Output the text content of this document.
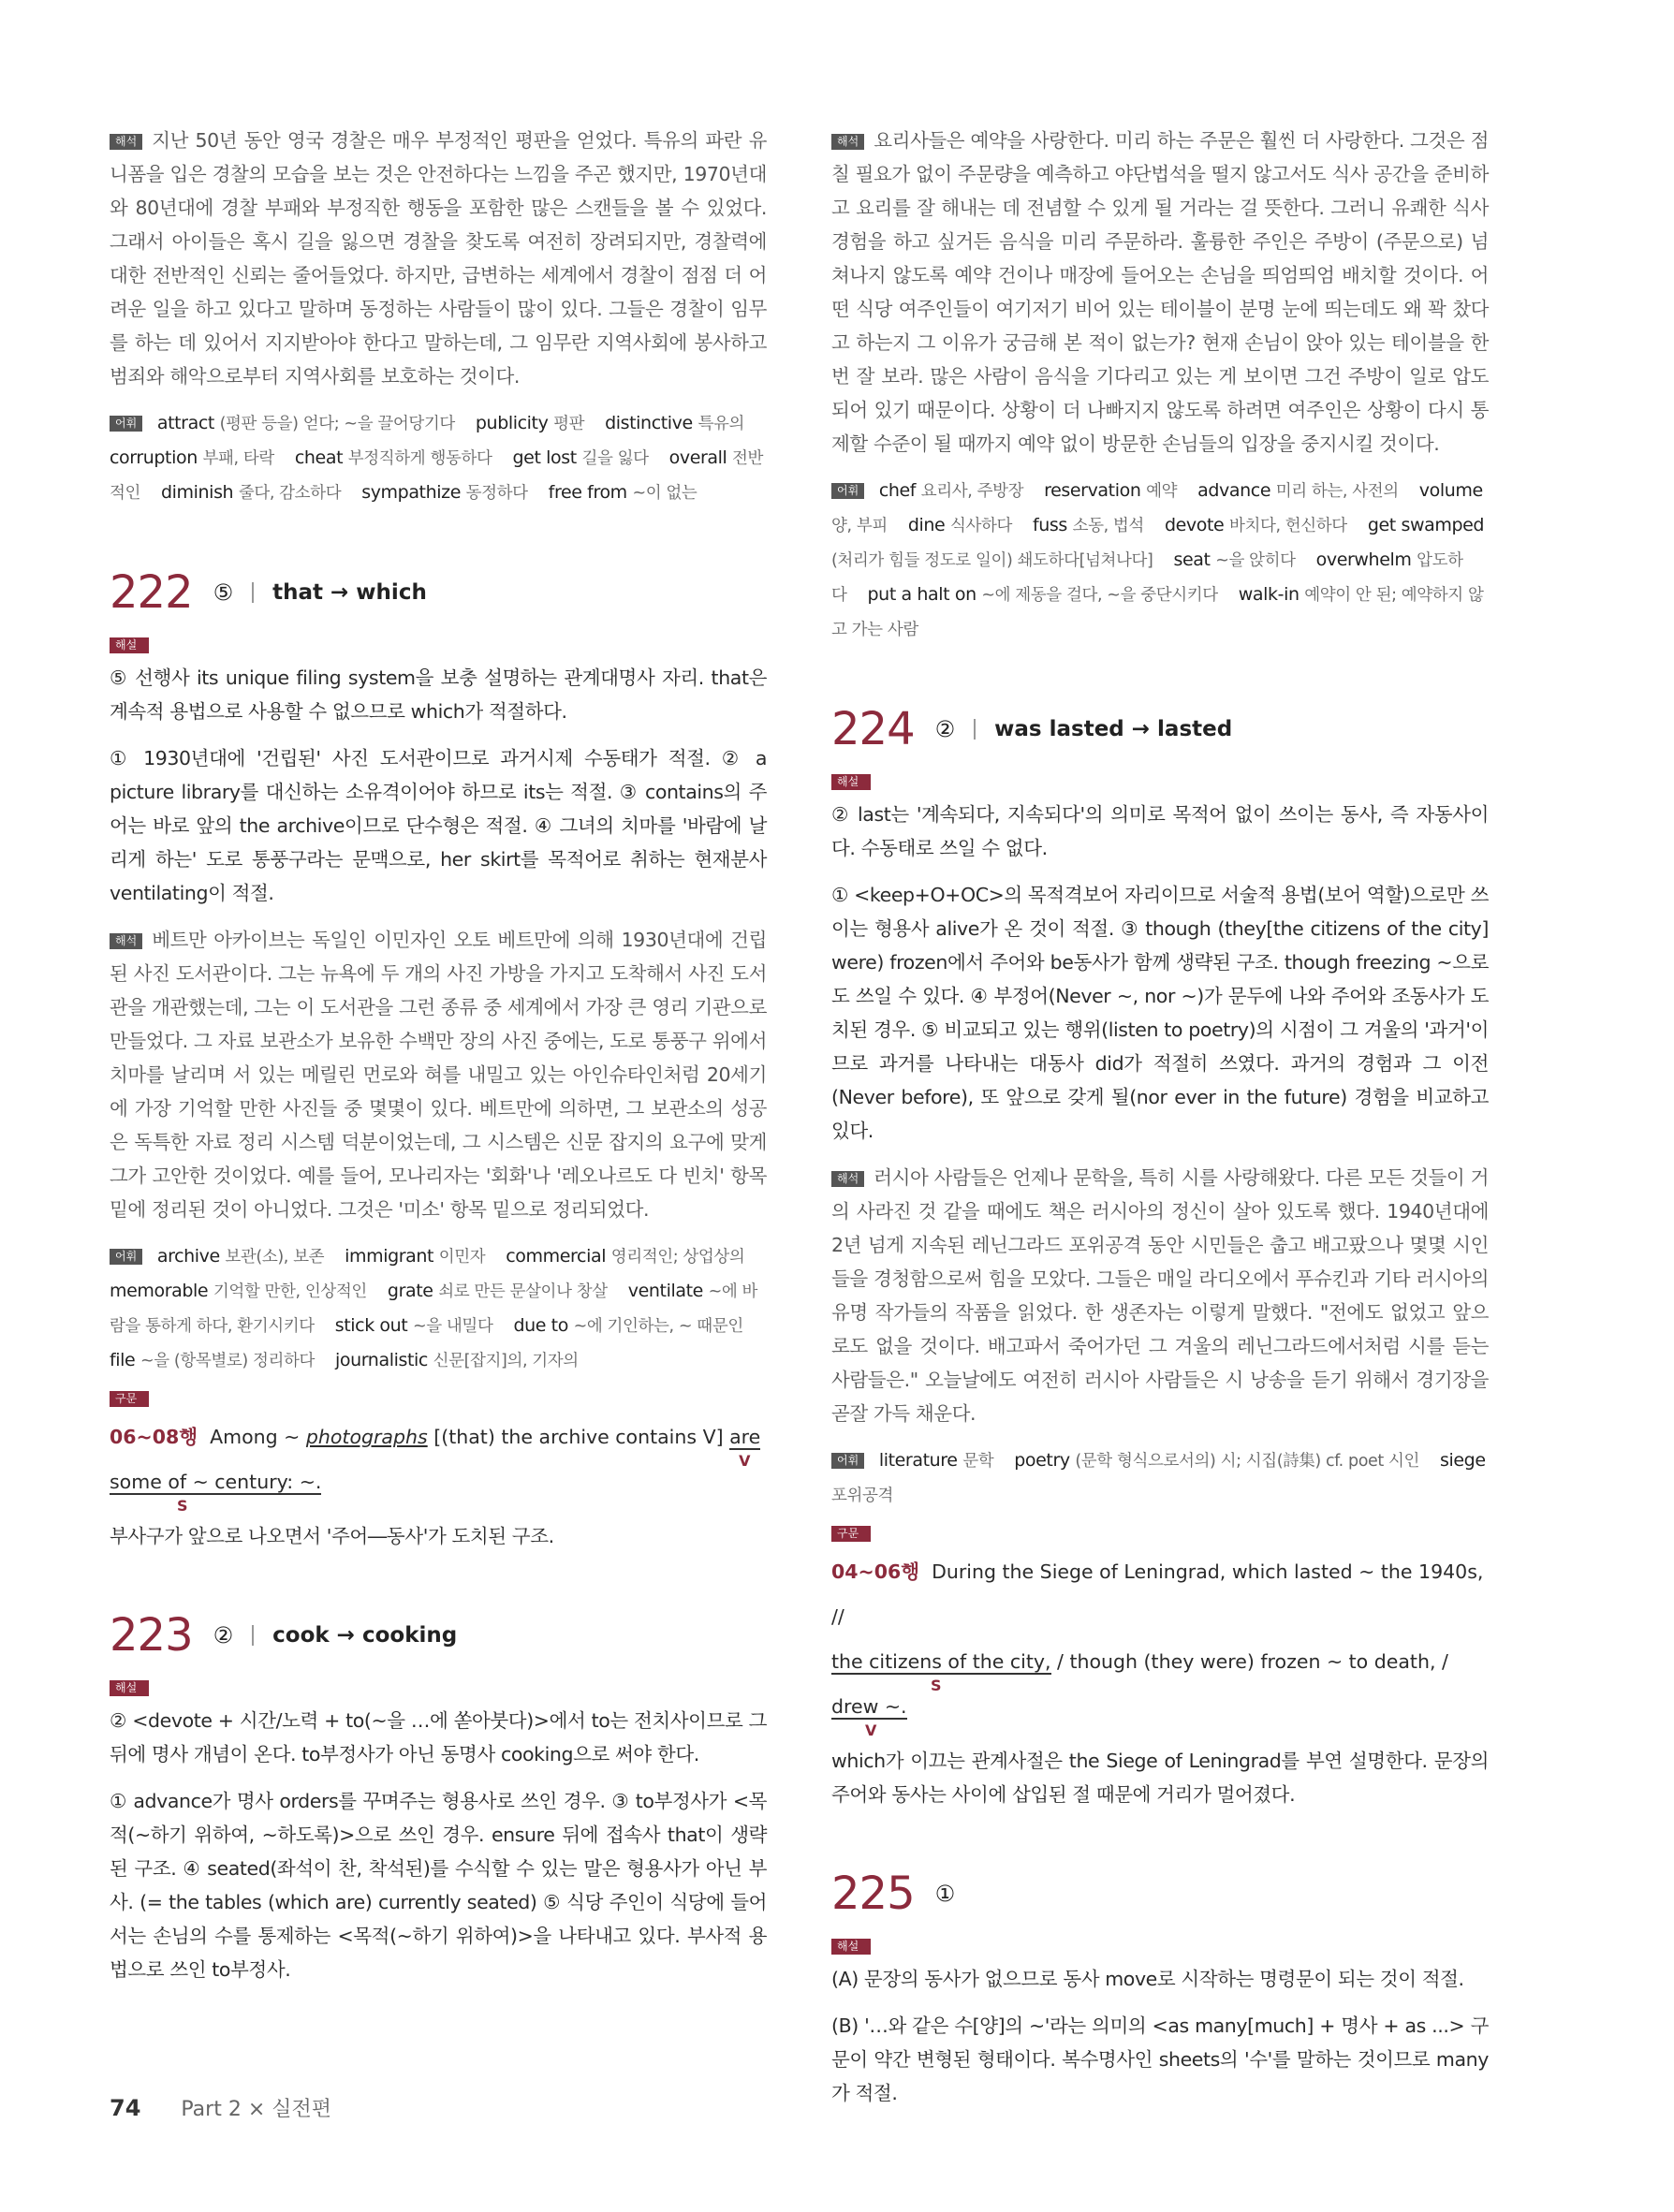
해석 지난 50년 동안 영국 경찰은 매우 부정적인 평판을 얻었다. 특유의 파란 유니폼을 입은 경찰의 모습을 보는 것은 안전하다는 느낌을 주곤 했지만, 1970년대와 80년대에 경찰 부패와 부정직한 행동을 포함한 많은 스캔들을 볼 수 있었다. 그래서 아이들은 혹시 길을 잃으면 경찰을 찾도록 여전히 장려되지만, 경찰력에 대한 전반적인 신뢰는 줄어들었다. 하지만, 급변하는 세계에서 경찰이 점점 더 어려운 일을 하고 있다고 말하며 동정하는 사람들이 많이 있다. 그들은 경찰이 임무를 하는 데 있어서 지지받아야 한다고 말하는데, 그 임무란 지역사회에 봉사하고 범죄와 해악으로부터 지역사회를 보호하는 것이다.

어휘 attract (평판 등을) 얻다; ~을 끌어당기다 publicity 평판 distinctive 특유의corruption 부패, 타락 cheat 부정직하게 행동하다 get lost 길을 잃다 overall 전반적인 diminish 줄다, 감소하다 sympathize 동정하다 free from ~이 없는

222 ⑤ that → which
해설

⑤ 선행사 its unique filing system을 보충 설명하는 관계대명사 자리. that은 계속적 용법으로 사용할 수 없으므로 which가 적절하다.

① 1930년대에 '건립된' 사진 도서관이므로 과거시제 수동태가 적절. ② a picture library를 대신하는 소유격이어야 하므로 its는 적절. ③ contains의 주어는 바로 앞의 the archive이므로 단수형은 적절. ④ 그녀의 치마를 '바람에 날리게 하는' 도로 통풍구라는 문맥으로, her skirt를 목적어로 취하는 현재분사 ventilating이 적절.

해석 베트만 아카이브는 독일인 이민자인 오토 베트만에 의해 1930년대에 건립된 사진 도서관이다. 그는 뉴욕에 두 개의 사진 가방을 가지고 도착해서 사진 도서관을 개관했는데, 그는 이 도서관을 그런 종류 중 세계에서 가장 큰 영리 기관으로 만들었다. 그 자료 보관소가 보유한 수백만 장의 사진 중에는, 도로 통풍구 위에서 치마를 날리며 서 있는 메릴린 먼로와 혀를 내밀고 있는 아인슈타인처럼 20세기에 가장 기억할 만한 사진들 중 몇몇이 있다. 베트만에 의하면, 그 보관소의 성공은 독특한 자료 정리 시스템 덕분이었는데, 그 시스템은 신문 잡지의 요구에 맞게 그가 고안한 것이었다. 예를 들어, 모나리자는 '회화'나 '레오나르도 다 빈치' 항목 밑에 정리된 것이 아니었다. 그것은 '미소' 항목 밑으로 정리되었다.

어휘 archive 보관(소), 보존 immigrant 이민자 commercial 영리적인; 상업상의memorable 기억할 만한, 인상적인 grate 쇠로 만든 문살이나 창살 ventilate ~에 바람을 통하게 하다, 환기시키다 stick out ~을 내밀다 due to ~에 기인하는, ~ 때문인file ~을 (항목별로) 정리하다 journalistic 신문[잡지]의, 기자의

구문
06~08행 Among ~ photographs [(that) the archive contains V] are
V

some of ~ century: ~.
S

부사구가 앞으로 나오면서 '주어―동사'가 도치된 구조.

223 ② cook → cooking
해설

② <devote + 시간/노력 + to(~을 …에 쏟아붓다)>에서 to는 전치사이므로 그 뒤에 명사 개념이 온다. to부정사가 아닌 동명사 cooking으로 써야 한다.

① advance가 명사 orders를 꾸며주는 형용사로 쓰인 경우. ③ to부정사가 <목적(~하기 위하여, ~하도록)>으로 쓰인 경우. ensure 뒤에 접속사 that이 생략된 구조. ④ seated(좌석이 찬, 착석된)를 수식할 수 있는 말은 형용사가 아닌 부사. (= the tables (which are) currently seated) ⑤ 식당 주인이 식당에 들어서는 손님의 수를 통제하는 <목적(~하기 위하여)>을 나타내고 있다. 부사적 용법으로 쓰인 to부정사.

해석 요리사들은 예약을 사랑한다. 미리 하는 주문은 훨씬 더 사랑한다. 그것은 점칠 필요가 없이 주문량을 예측하고 야단법석을 떨지 않고서도 식사 공간을 준비하고 요리를 잘 해내는 데 전념할 수 있게 될 거라는 걸 뜻한다. 그러니 유쾌한 식사 경험을 하고 싶거든 음식을 미리 주문하라. 훌륭한 주인은 주방이 (주문으로) 넘쳐나지 않도록 예약 건이나 매장에 들어오는 손님을 띄엄띄엄 배치할 것이다. 어떤 식당 여주인들이 여기저기 비어 있는 테이블이 분명 눈에 띄는데도 왜 꽉 찼다고 하는지 그 이유가 궁금해 본 적이 없는가? 현재 손님이 앉아 있는 테이블을 한 번 잘 보라. 많은 사람이 음식을 기다리고 있는 게 보이면 그건 주방이 일로 압도되어 있기 때문이다. 상황이 더 나빠지지 않도록 하려면 여주인은 상황이 다시 통제할 수준이 될 때까지 예약 없이 방문한 손님들의 입장을 중지시킬 것이다.

어휘 chef 요리사, 주방장 reservation 예약 advance 미리 하는, 사전의 volume 양, 부피 dine 식사하다 fuss 소동, 법석 devote 바치다, 헌신하다 get swamped (처리가 힘들 정도로 일이) 쇄도하다[넘쳐나다] seat ~을 앉히다 overwhelm 압도하다 put a halt on ~에 제동을 걸다, ~을 중단시키다 walk-in 예약이 안 된; 예약하지 않고 가는 사람

224 ② was lasted → lasted
해설

② last는 '계속되다, 지속되다'의 의미로 목적어 없이 쓰이는 동사, 즉 자동사이다. 수동태로 쓰일 수 없다.

① <keep+O+OC>의 목적격보어 자리이므로 서술적 용법(보어 역할)으로만 쓰이는 형용사 alive가 온 것이 적절. ③ though (they[the citizens of the city] were) frozen에서 주어와 be동사가 함께 생략된 구조. though freezing ~으로도 쓰일 수 있다. ④ 부정어(Never ~, nor ~)가 문두에 나와 주어와 조동사가 도치된 경우. ⑤ 비교되고 있는 행위(listen to poetry)의 시점이 그 겨울의 '과거'이므로 과거를 나타내는 대동사 did가 적절히 쓰였다. 과거의 경험과 그 이전(Never before), 또 앞으로 갖게 될(nor ever in the future) 경험을 비교하고 있다.

해석 러시아 사람들은 언제나 문학을, 특히 시를 사랑해왔다. 다른 모든 것들이 거의 사라진 것 같을 때에도 책은 러시아의 정신이 살아 있도록 했다. 1940년대에 2년 넘게 지속된 레닌그라드 포위공격 동안 시민들은 춥고 배고팠으나 몇몇 시인들을 경청함으로써 힘을 모았다. 그들은 매일 라디오에서 푸슈킨과 기타 러시아의 유명 작가들의 작품을 읽었다. 한 생존자는 이렇게 말했다. "전에도 없었고 앞으로도 없을 것이다. 배고파서 죽어가던 그 겨울의 레닌그라드에서처럼 시를 듣는 사람들은." 오늘날에도 여전히 러시아 사람들은 시 낭송을 듣기 위해서 경기장을 곧잘 가득 채운다.

어휘 literature 문학 poetry (문학 형식으로서의) 시; 시집(詩集) cf. poet 시인 siege 포위공격

구문
04~06행 During the Siege of Leningrad, which lasted ~ the 1940s, //
the citizens of the city,
S
/ though (they were) frozen ~ to death, / drew ~.
V

which가 이끄는 관계사절은 the Siege of Leningrad를 부연 설명한다. 문장의 주어와 동사는 사이에 삽입된 절 때문에 거리가 멀어졌다.

225 ①
해설

(A) 문장의 동사가 없으므로 동사 move로 시작하는 명령문이 되는 것이 적절.

(B) '…와 같은 수[양]의 ~'라는 의미의 <as many[much] + 명사 + as ...> 구문이 약간 변형된 형태이다. 복수명사인 sheets의 '수'를 말하는 것이므로 many가 적절.

74 Part 2 × 실전편
